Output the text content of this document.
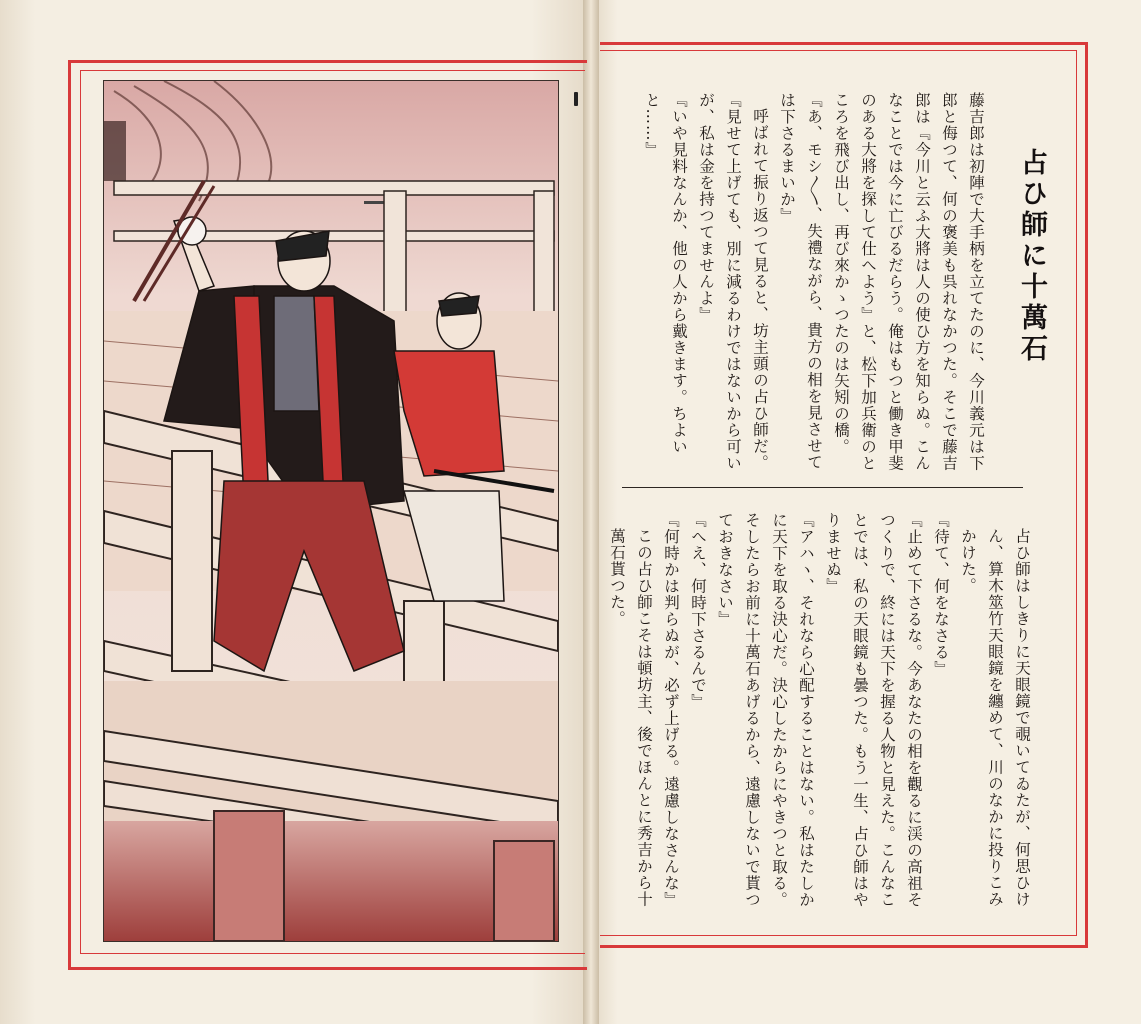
占ひ師に十萬石

藤吉郎は初陣で大手柄を立てたのに、今川義元は下郎と侮つて、何の褒美も呉れなかつた。そこで藤吉郎は『今川と云ふ大將は人の使ひ方を知らぬ。こんなことでは今に亡びるだらう。俺はもつと働き甲斐のある大將を探して仕へよう』と、松下加兵衛のところを飛び出し、再び來かゝつたのは矢矧の橋。

『あ、モシ〳〵、失禮ながら、貴方の相を見させては下さるまいか』

呼ばれて振り返つて見ると、坊主頭の占ひ師だ。

『見せて上げても、別に減るわけではないから可いが、私は金を持つてませんよ』

『いや見料なんか、他の人から戴きます。ちよいと……』

占ひ師はしきりに天眼鏡で覗いてゐたが、何思ひけん、算木筮竹天眼鏡を纏めて、川のなかに投りこみかけた。

『待て、何をなさる』

『止めて下さるな。今あなたの相を觀るに渓の高祖そつくりで、終には天下を握る人物と見えた。こんなことでは、私の天眼鏡も曇つた。もう一生、占ひ師はやりませぬ』

『アハヽ、それなら心配することはない。私はたしかに天下を取る決心だ。決心したからにやきつと取る。そしたらお前に十萬石あげるから、遠慮しないで貰つておきなさい』

『へえ、何時下さるんで』

『何時かは判らぬが、必ず上げる。遠慮しなさんな』

この占ひ師こそは頓坊主、後でほんとに秀吉から十萬石貰つた。
